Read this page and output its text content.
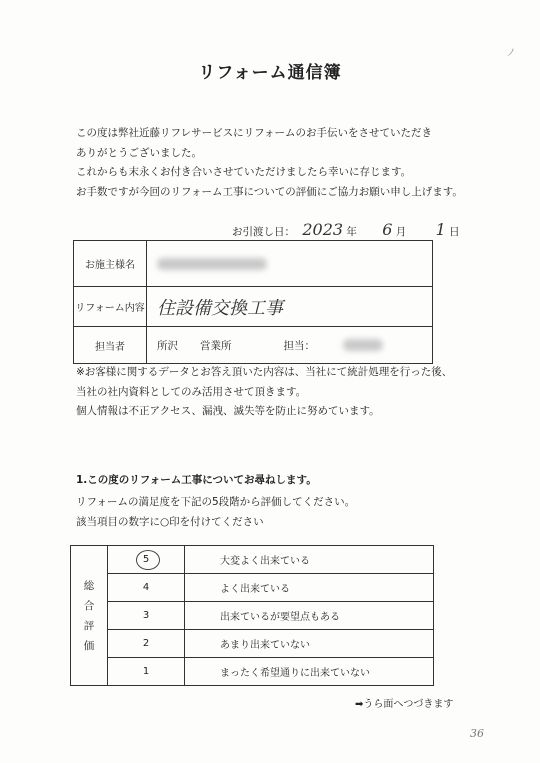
ノ
リフォーム通信簿
この度は弊社近藤リフレサービスにリフォームのお手伝いをさせていただき
ありがとうございました。
これからも末永くお付き合いさせていただけましたら幸いに存じます。
お手数ですが今回のリフォーム工事についての評価にご協力お願い申し上げます。
お引渡し日： 2023 年 6 月 1 日
お施主様名
リフォーム内容 住設備交換工事
担当者	所沢 営業所	担当：
※お客様に関するデータとお答え頂いた内容は、当社にて統計処理を行った後、
当社の社内資料としてのみ活用させて頂きます。
個人情報は不正アクセス、漏洩、滅失等を防止に努めています。
1.この度のリフォーム工事についてお尋ねします。
リフォームの満足度を下記の5段階から評価してください。
該当項目の数字に○印を付けてください
総
合
評
価
5	大変よく出来ている
4	よく出来ている
3	出来ているが要望点もある
2	あまり出来ていない
1	まったく希望通りに出来ていない
➡うら面へつづきます
36
